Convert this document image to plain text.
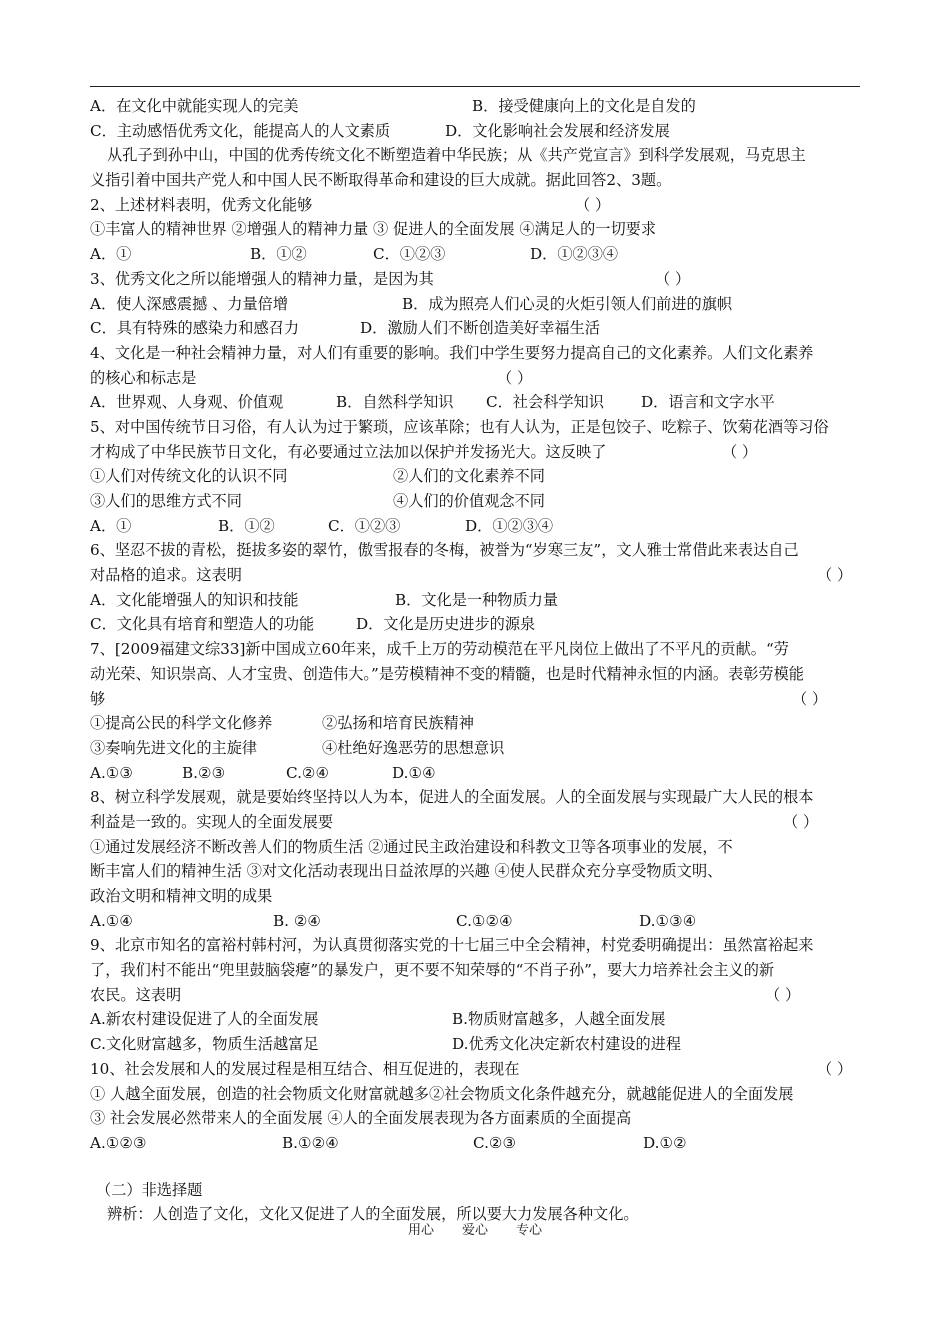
A．在文化中就能实现人的完美	B．接受健康向上的文化是自发的
C．主动感悟优秀文化，能提高人的人文素质	D．文化影响社会发展和经济发展
从孔子到孙中山，中国的优秀传统文化不断塑造着中华民族；从《共产党宣言》到科学发展观，马克思主
义指引着中国共产党人和中国人民不断取得革命和建设的巨大成就。据此回答2、3题。
2、上述材料表明，优秀文化能够	（ ）
①丰富人的精神世界 ②增强人的精神力量 ③ 促进人的全面发展 ④满足人的一切要求
A．①	B．①②	C．①②③	D．①②③④
3、优秀文化之所以能增强人的精神力量，是因为其	（ ）
A．使人深感震撼 、力量倍增	B．成为照亮人们心灵的火炬引领人们前进的旗帜
C．具有特殊的感染力和感召力	D．激励人们不断创造美好幸福生活
4、文化是一种社会精神力量，对人们有重要的影响。我们中学生要努力提高自己的文化素养。人们文化素养
的核心和标志是	（ ）
A．世界观、人身观、价值观	B．自然科学知识 C．社会科学知识 D．语言和文字水平
5、对中国传统节日习俗，有人认为过于繁琐，应该革除；也有人认为，正是包饺子、吃粽子、饮菊花酒等习俗
才构成了中华民族节日文化，有必要通过立法加以保护并发扬光大。这反映了	（ ）
①人们对传统文化的认识不同	②人们的文化素养不同
③人们的思维方式不同	④人们的价值观念不同
A．①	B．①②	C．①②③	D．①②③④
6、坚忍不拔的青松，挺拔多姿的翠竹，傲雪报春的冬梅，被誉为“岁寒三友”，文人雅士常借此来表达自己
对品格的追求。这表明	（ ）
A．文化能增强人的知识和技能	B．文化是一种物质力量
C．文化具有培育和塑造人的功能	D．文化是历史进步的源泉
7、[2009福建文综33]新中国成立60年来，成千上万的劳动模范在平凡岗位上做出了不平凡的贡献。“劳
动光荣、知识崇高、人才宝贵、创造伟大。”是劳模精神不变的精髓，也是时代精神永恒的内涵。表彰劳模能
够	（ ）
①提高公民的科学文化修养	②弘扬和培育民族精神
③奏响先进文化的主旋律	④杜绝好逸恶劳的思想意识
A.①③	B.②③	C.②④	D.①④
8、树立科学发展观，就是要始终坚持以人为本，促进人的全面发展。人的全面发展与实现最广大人民的根本
利益是一致的。实现人的全面发展要	（ ）
①通过发展经济不断改善人们的物质生活 ②通过民主政治建设和科教文卫等各项事业的发展，不
断丰富人们的精神生活 ③对文化活动表现出日益浓厚的兴趣 ④使人民群众充分享受物质文明、
政治文明和精神文明的成果
A.①④	B. ②④	C.①②④	D.①③④
9、北京市知名的富裕村韩村河，为认真贯彻落实党的十七届三中全会精神，村党委明确提出：虽然富裕起来
了，我们村不能出“兜里鼓脑袋瘪”的暴发户，更不要不知荣辱的“不肖子孙”，要大力培养社会主义的新
农民。这表明	（ ）
A.新农村建设促进了人的全面发展	B.物质财富越多，人越全面发展
C.文化财富越多，物质生活越富足	D.优秀文化决定新农村建设的进程
10、社会发展和人的发展过程是相互结合、相互促进的，表现在	（ ）
① 人越全面发展，创造的社会物质文化财富就越多②社会物质文化条件越充分，就越能促进人的全面发展
③ 社会发展必然带来人的全面发展 ④人的全面发展表现为各方面素质的全面提高
A.①②③	B.①②④	C.②③	D.①②
（二）非选择题
辨析：人创造了文化，文化又促进了人的全面发展，所以要大力发展各种文化。
用心 爱心 专心
